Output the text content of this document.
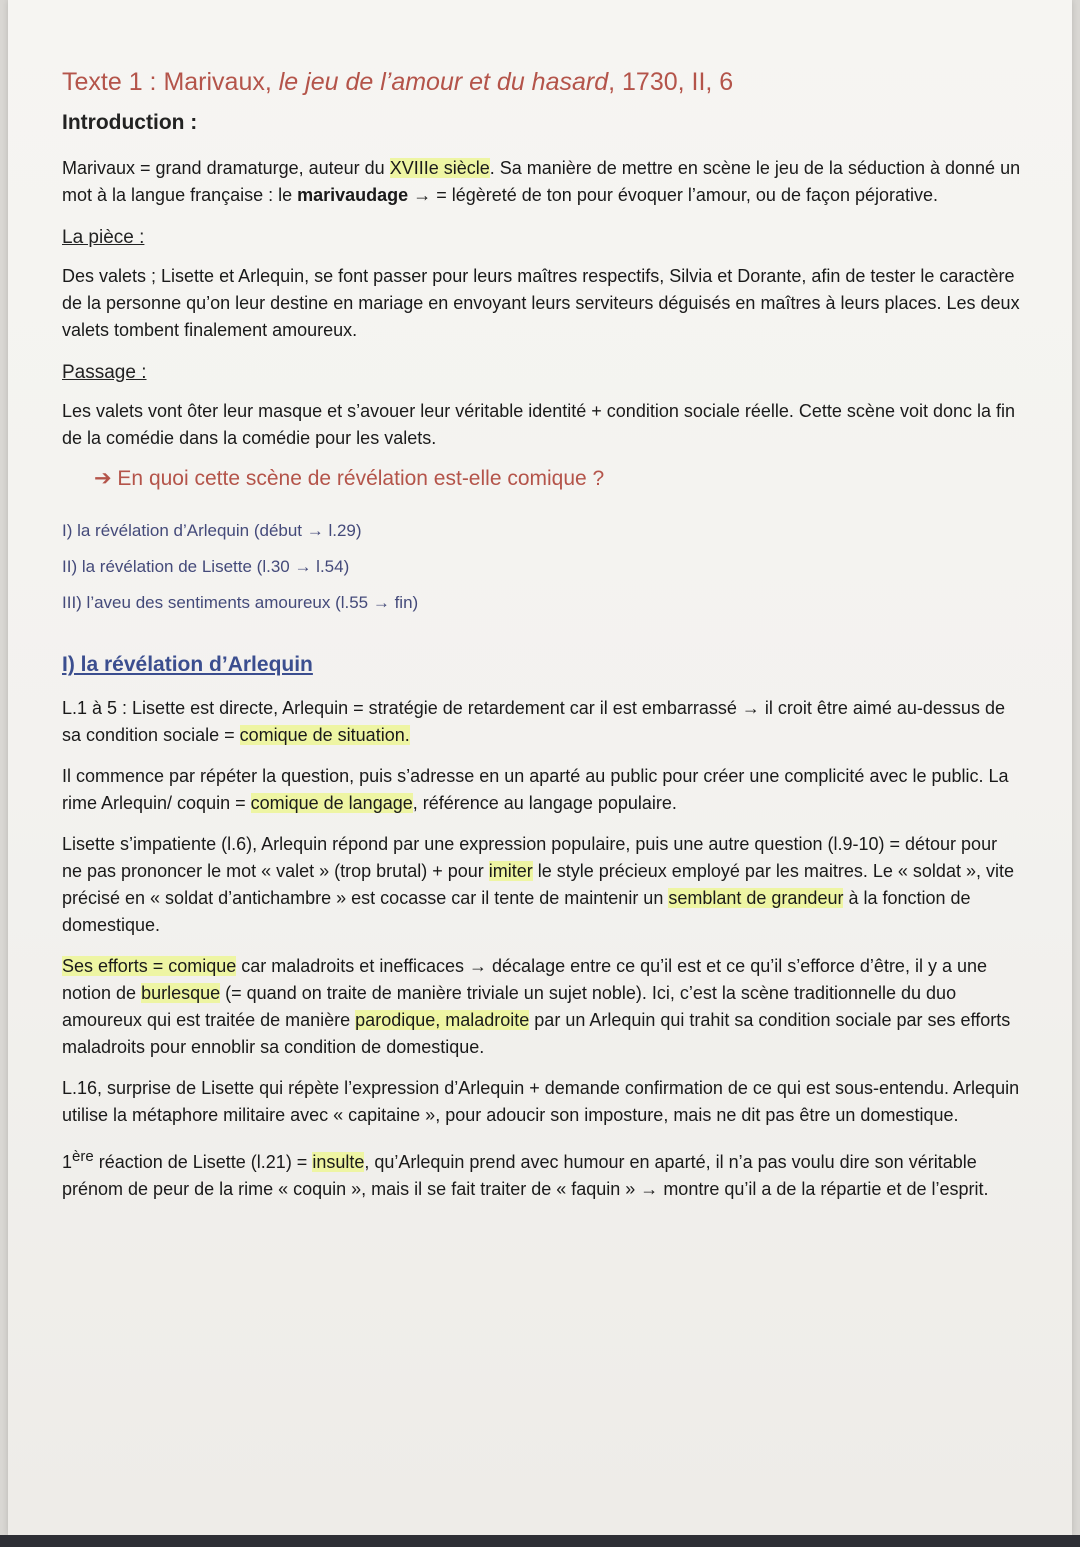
Texte 1 : Marivaux, le jeu de l’amour et du hasard, 1730, II, 6
Introduction :

Marivaux = grand dramaturge, auteur du XVIIIe siècle. Sa manière de mettre en scène le jeu de la séduction à donné un mot à la langue française : le marivaudage → = légèreté de ton pour évoquer l’amour, ou de façon péjorative.

La pièce :

Des valets ; Lisette et Arlequin, se font passer pour leurs maîtres respectifs, Silvia et Dorante, afin de tester le caractère de la personne qu’on leur destine en mariage en envoyant leurs serviteurs déguisés en maîtres à leurs places. Les deux valets tombent finalement amoureux.

Passage :

Les valets vont ôter leur masque et s’avouer leur véritable identité + condition sociale réelle. Cette scène voit donc la fin de la comédie dans la comédie pour les valets.

➔ En quoi cette scène de révélation est-elle comique ?
I) la révélation d’Arlequin (début → l.29)
II) la révélation de Lisette (l.30 → l.54)
III) l’aveu des sentiments amoureux (l.55 → fin)
I) la révélation d’Arlequin

L.1 à 5 : Lisette est directe, Arlequin = stratégie de retardement car il est embarrassé → il croit être aimé au-dessus de sa condition sociale = comique de situation.

Il commence par répéter la question, puis s’adresse en un aparté au public pour créer une complicité avec le public. La rime Arlequin/ coquin = comique de langage, référence au langage populaire.

Lisette s’impatiente (l.6), Arlequin répond par une expression populaire, puis une autre question (l.9-10) = détour pour ne pas prononcer le mot « valet » (trop brutal) + pour imiter le style précieux employé par les maitres. Le « soldat », vite précisé en « soldat d’antichambre » est cocasse car il tente de maintenir un semblant de grandeur à la fonction de domestique.

Ses efforts = comique car maladroits et inefficaces → décalage entre ce qu’il est et ce qu’il s’efforce d’être, il y a une notion de burlesque (= quand on traite de manière triviale un sujet noble). Ici, c’est la scène traditionnelle du duo amoureux qui est traitée de manière parodique, maladroite par un Arlequin qui trahit sa condition sociale par ses efforts maladroits pour ennoblir sa condition de domestique.

L.16, surprise de Lisette qui répète l’expression d’Arlequin + demande confirmation de ce qui est sous-entendu. Arlequin utilise la métaphore militaire avec « capitaine », pour adoucir son imposture, mais ne dit pas être un domestique.

1ère réaction de Lisette (l.21) = insulte, qu’Arlequin prend avec humour en aparté, il n’a pas voulu dire son véritable prénom de peur de la rime « coquin », mais il se fait traiter de « faquin » → montre qu’il a de la répartie et de l’esprit.
